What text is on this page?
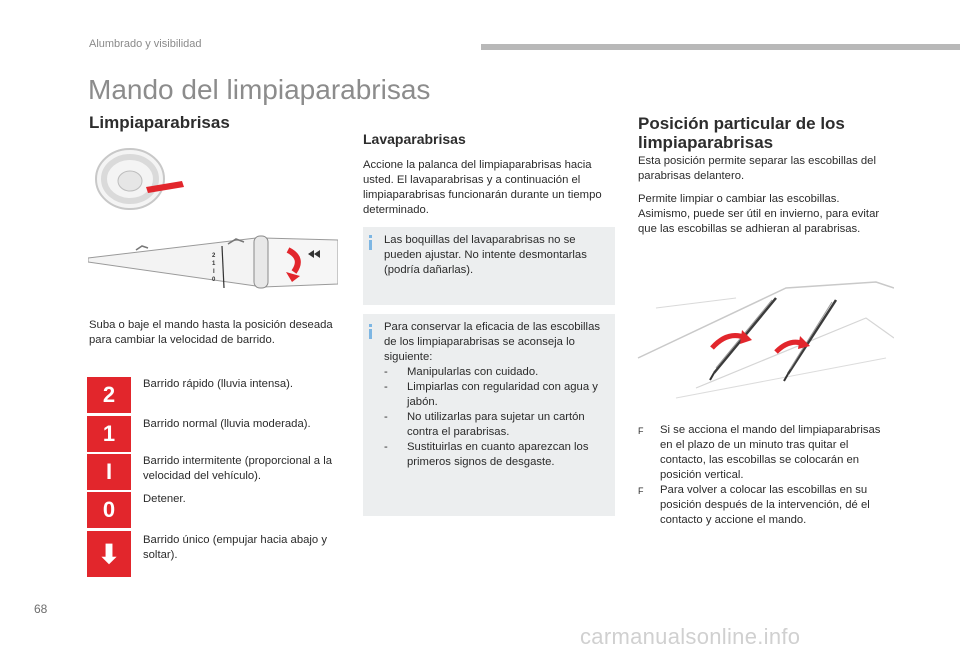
Alumbrado y visibilidad
Mando del limpiaparabrisas
Limpiaparabrisas
2
1
I
0

Suba o baje el mando hasta la posición deseada para cambiar la velocidad de barrido.

2	Barrido rápido (lluvia intensa).

1	Barrido normal (lluvia moderada).

I	Barrido intermitente (proporcional a la velocidad del vehículo).

0	Detener.

⬇	Barrido único (empujar hacia abajo y soltar).

Lavaparabrisas

Accione la palanca del limpiaparabrisas hacia usted. El lavaparabrisas y a continuación el limpiaparabrisas funcionarán durante un tiempo determinado.

Las boquillas del lavaparabrisas no se pueden ajustar. No intente desmontarlas (podría dañarlas).

Para conservar la eficacia de las escobillas de los limpiaparabrisas se aconseja lo siguiente:

- Manipularlas con cuidado.
- Limpiarlas con regularidad con agua y jabón.
- No utilizarlas para sujetar un cartón contra el parabrisas.
- Sustituirlas en cuanto aparezcan los primeros signos de desgaste.
Posición particular de los limpiaparabrisas

Esta posición permite separar las escobillas del parabrisas delantero.

Permite limpiar o cambiar las escobillas. Asimismo, puede ser útil en invierno, para evitar que las escobillas se adhieran al parabrisas.

F Si se acciona el mando del limpiaparabrisas en el plazo de un minuto tras quitar el contacto, las escobillas se colocarán en posición vertical.
F Para volver a colocar las escobillas en su posición después de la intervención, dé el contacto y accione el mando.
68
carmanualsonline.info
